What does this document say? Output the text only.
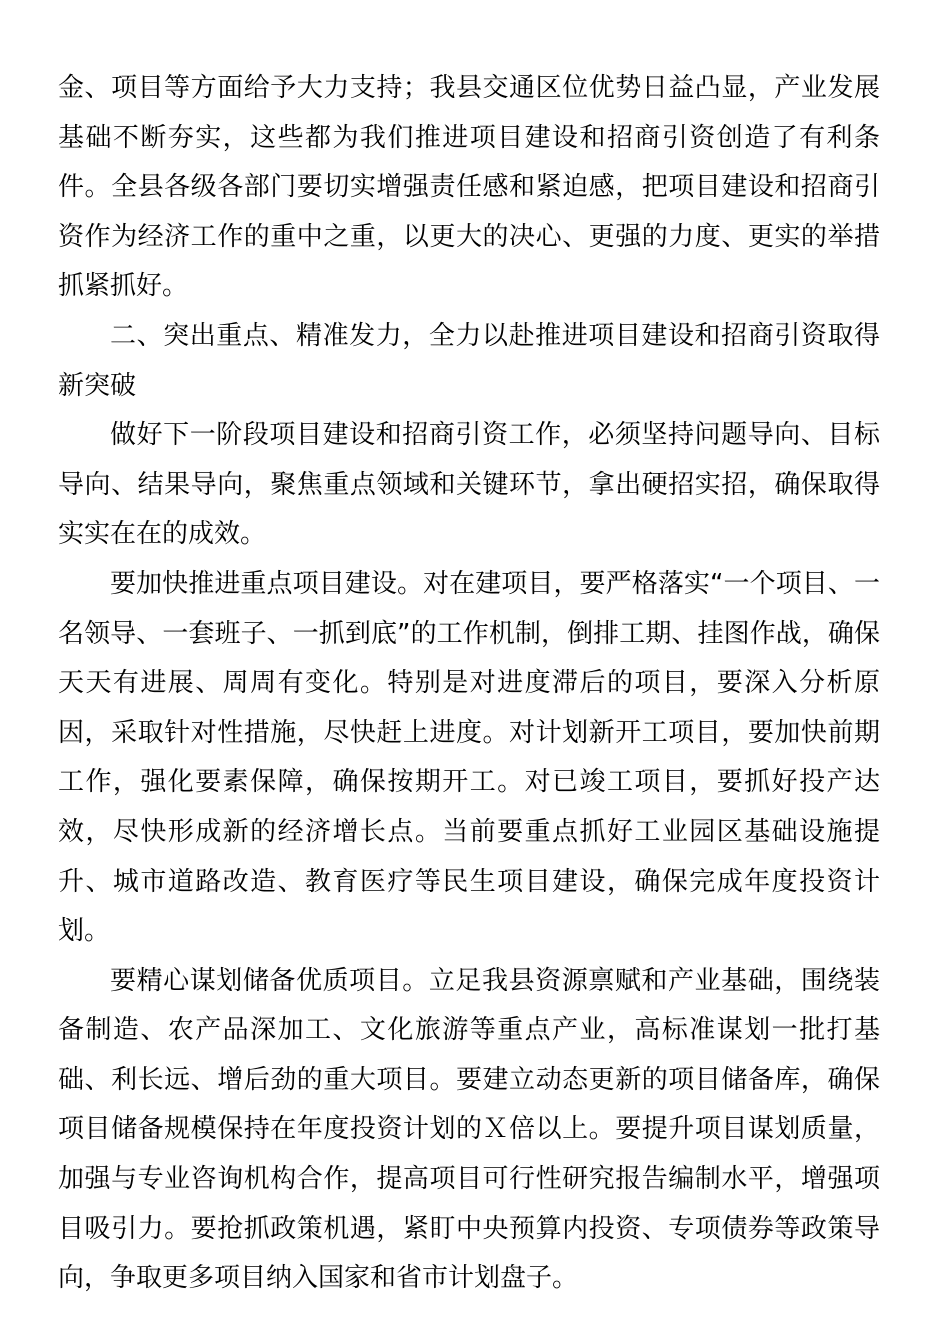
金、项目等方面给予大力支持；我县交通区位优势日益凸显，产业发展基础不断夯实，这些都为我们推进项目建设和招商引资创造了有利条件。全县各级各部门要切实增强责任感和紧迫感，把项目建设和招商引资作为经济工作的重中之重，以更大的决心、更强的力度、更实的举措抓紧抓好。

二、突出重点、精准发力，全力以赴推进项目建设和招商引资取得新突破

做好下一阶段项目建设和招商引资工作，必须坚持问题导向、目标导向、结果导向，聚焦重点领域和关键环节，拿出硬招实招，确保取得实实在在的成效。

要加快推进重点项目建设。对在建项目，要严格落实“一个项目、一名领导、一套班子、一抓到底”的工作机制，倒排工期、挂图作战，确保天天有进展、周周有变化。特别是对进度滞后的项目，要深入分析原因，采取针对性措施，尽快赶上进度。对计划新开工项目，要加快前期工作，强化要素保障，确保按期开工。对已竣工项目，要抓好投产达效，尽快形成新的经济增长点。当前要重点抓好工业园区基础设施提升、城市道路改造、教育医疗等民生项目建设，确保完成年度投资计划。

要精心谋划储备优质项目。立足我县资源禀赋和产业基础，围绕装备制造、农产品深加工、文化旅游等重点产业，高标准谋划一批打基础、利长远、增后劲的重大项目。要建立动态更新的项目储备库，确保项目储备规模保持在年度投资计划的Ｘ倍以上。要提升项目谋划质量，加强与专业咨询机构合作，提高项目可行性研究报告编制水平，增强项目吸引力。要抢抓政策机遇，紧盯中央预算内投资、专项债券等政策导向，争取更多项目纳入国家和省市计划盘子。
